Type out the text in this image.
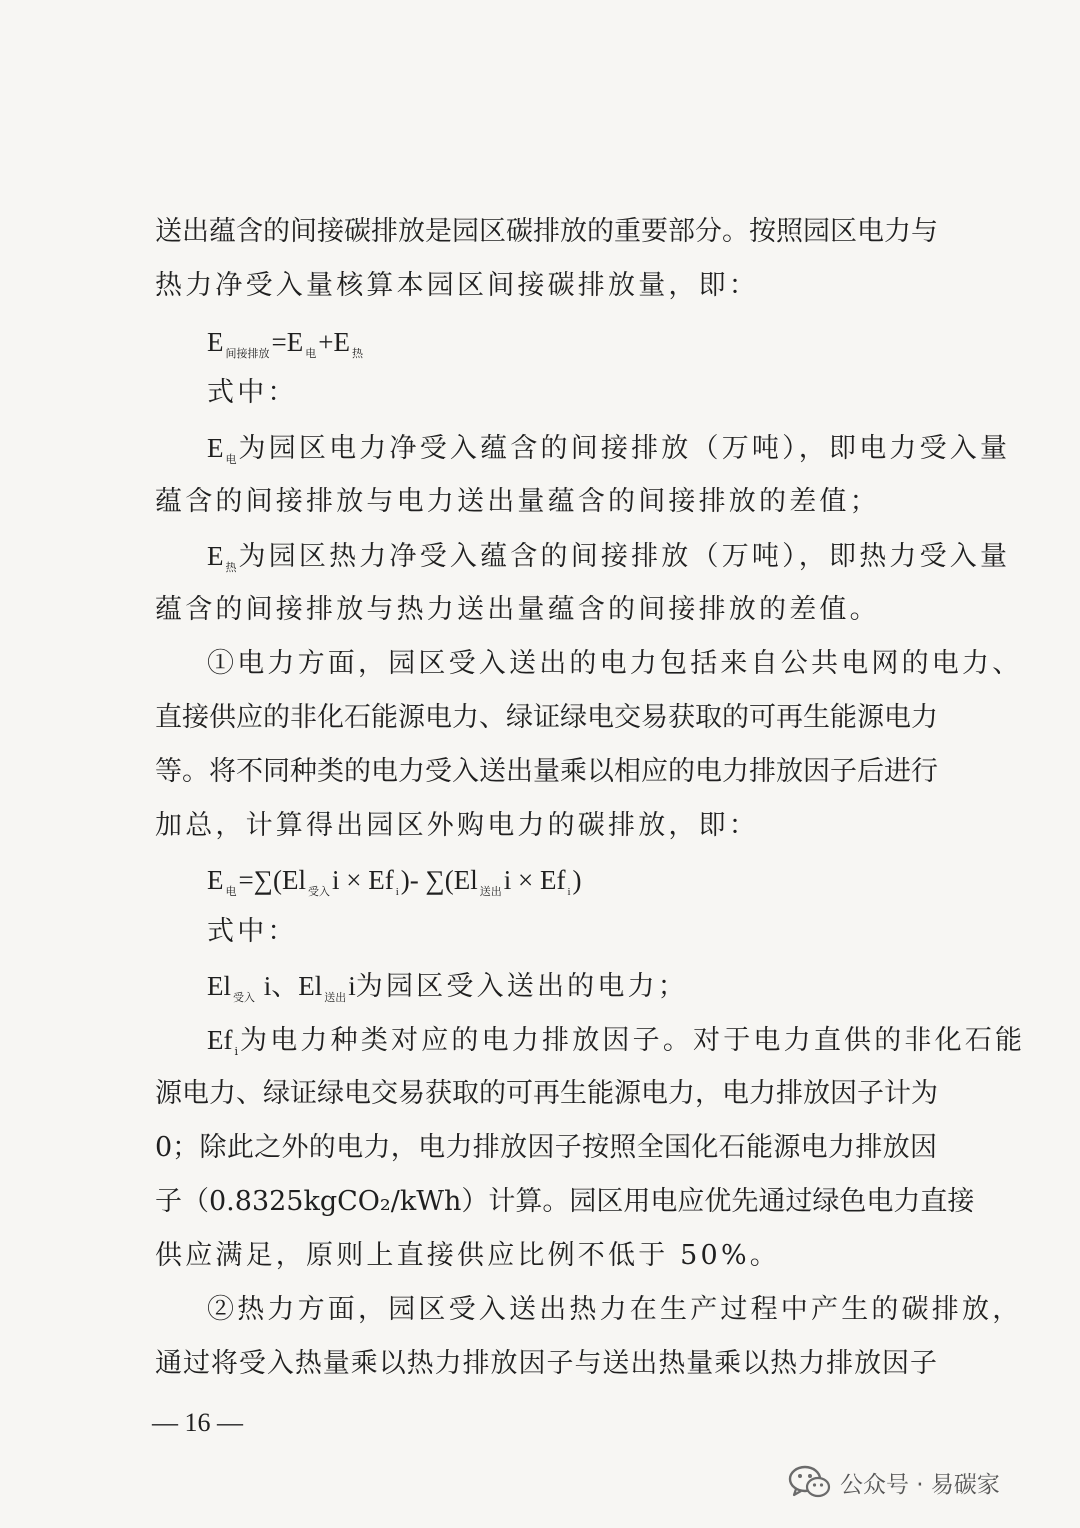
送出蕴含的间接碳排放是园区碳排放的重要部分。按照园区电力与
热力净受入量核算本园区间接碳排放量，即：
E $_{间接排放}$=E $_电$+E $_热$
式中：
E $_电$为园区电力净受入蕴含的间接排放（万吨），即电力受入量
蕴含的间接排放与电力送出量蕴含的间接排放的差值；
E $_热$为园区热力净受入蕴含的间接排放（万吨），即热力受入量
蕴含的间接排放与热力送出量蕴含的间接排放的差值。
①电力方面，园区受入送出的电力包括来自公共电网的电力、
直接供应的非化石能源电力、绿证绿电交易获取的可再生能源电力
等。将不同种类的电力受入送出量乘以相应的电力排放因子后进行
加总，计算得出园区外购电力的碳排放，即：
E $_电$=∑(El $_{受入}$i × Ef $_i$)- ∑(El $_{送出}$i × Ef $_i$)
式中：
El $_{受入}$ i、El $_{送出}$i为园区受入送出的电力；
Ef $_i$为电力种类对应的电力排放因子。对于电力直供的非化石能
源电力、绿证绿电交易获取的可再生能源电力，电力排放因子计为
0；除此之外的电力，电力排放因子按照全国化石能源电力排放因
子（0.8325kgCO₂/kWh）计算。园区用电应优先通过绿色电力直接
供应满足，原则上直接供应比例不低于 50%。
②热力方面，园区受入送出热力在生产过程中产生的碳排放，
通过将受入热量乘以热力排放因子与送出热量乘以热力排放因子
— 16 —
公众号 · 易碳家
